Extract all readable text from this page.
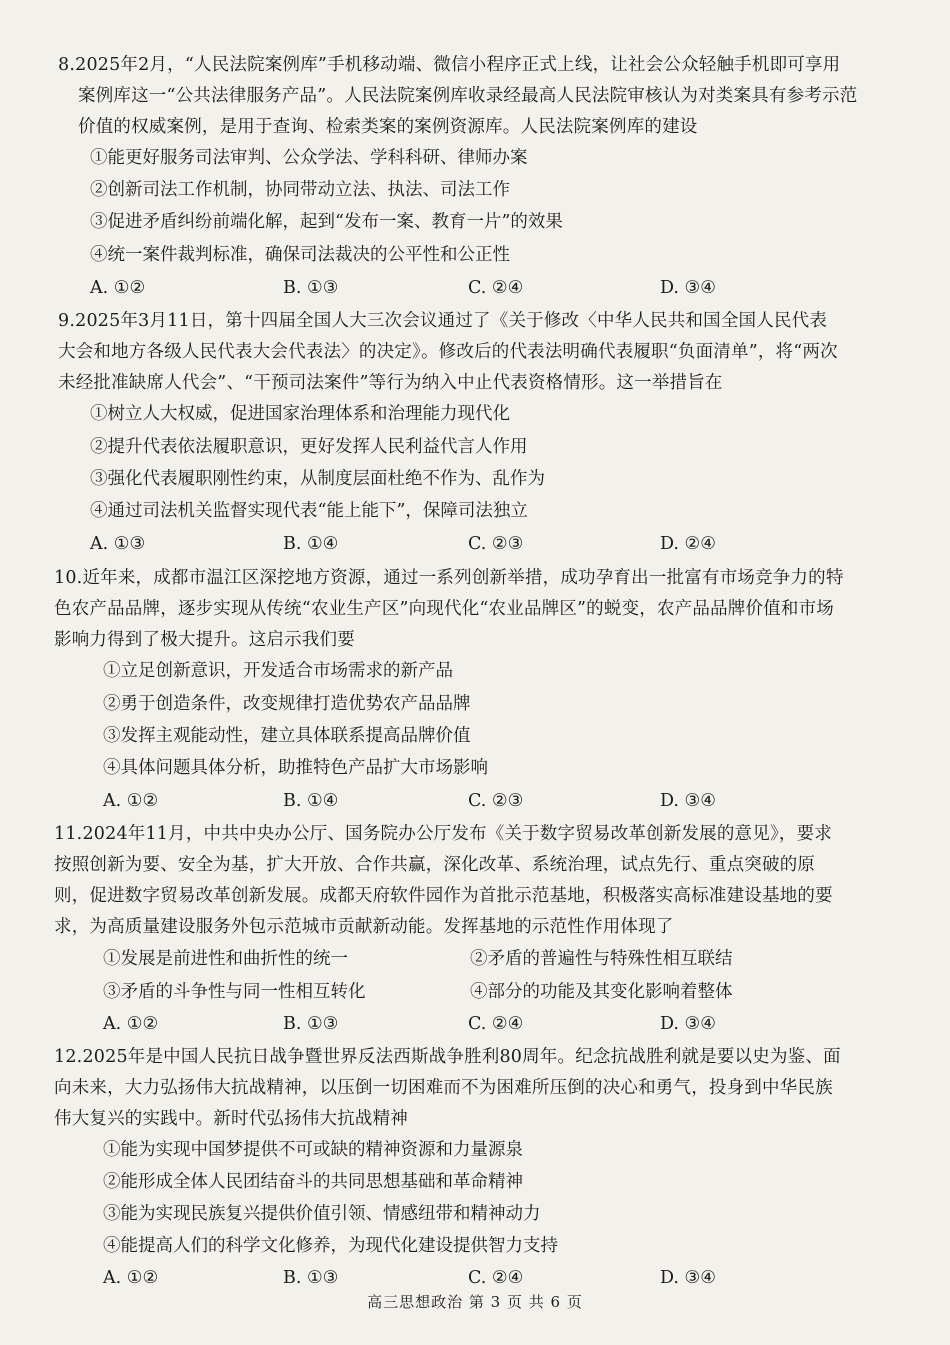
8.2025年2月，“人民法院案例库”手机移动端、微信小程序正式上线，让社会公众轻触手机即可享用案例库这一“公共法律服务产品”。人民法院案例库收录经最高人民法院审核认为对类案具有参考示范价值的权威案例，是用于查询、检索类案的案例资源库。人民法院案例库的建设
①能更好服务司法审判、公众学法、学科科研、律师办案
②创新司法工作机制，协同带动立法、执法、司法工作
③促进矛盾纠纷前端化解，起到“发布一案、教育一片”的效果
④统一案件裁判标准，确保司法裁决的公平性和公正性
A. ①②	B. ①③	C. ②④	D. ③④
9.2025年3月11日，第十四届全国人大三次会议通过了《关于修改〈中华人民共和国全国人民代表大会和地方各级人民代表大会代表法〉的决定》。修改后的代表法明确代表履职“负面清单”，将“两次未经批准缺席人代会”、“干预司法案件”等行为纳入中止代表资格情形。这一举措旨在
①树立人大权威，促进国家治理体系和治理能力现代化
②提升代表依法履职意识，更好发挥人民利益代言人作用
③强化代表履职刚性约束，从制度层面杜绝不作为、乱作为
④通过司法机关监督实现代表“能上能下”，保障司法独立
A. ①③	B. ①④	C. ②③	D. ②④
10.近年来，成都市温江区深挖地方资源，通过一系列创新举措，成功孕育出一批富有市场竞争力的特色农产品品牌，逐步实现从传统“农业生产区”向现代化“农业品牌区”的蜕变，农产品品牌价值和市场影响力得到了极大提升。这启示我们要
①立足创新意识，开发适合市场需求的新产品
②勇于创造条件，改变规律打造优势农产品品牌
③发挥主观能动性，建立具体联系提高品牌价值
④具体问题具体分析，助推特色产品扩大市场影响
A. ①②	B. ①④	C. ②③	D. ③④
11.2024年11月，中共中央办公厅、国务院办公厅发布《关于数字贸易改革创新发展的意见》，要求按照创新为要、安全为基，扩大开放、合作共赢，深化改革、系统治理，试点先行、重点突破的原则，促进数字贸易改革创新发展。成都天府软件园作为首批示范基地，积极落实高标准建设基地的要求，为高质量建设服务外包示范城市贡献新动能。发挥基地的示范性作用体现了
①发展是前进性和曲折性的统一	②矛盾的普遍性与特殊性相互联结
③矛盾的斗争性与同一性相互转化	④部分的功能及其变化影响着整体
A. ①②	B. ①③	C. ②④	D. ③④
12.2025年是中国人民抗日战争暨世界反法西斯战争胜利80周年。纪念抗战胜利就是要以史为鉴、面向未来，大力弘扬伟大抗战精神，以压倒一切困难而不为困难所压倒的决心和勇气，投身到中华民族伟大复兴的实践中。新时代弘扬伟大抗战精神
①能为实现中国梦提供不可或缺的精神资源和力量源泉
②能形成全体人民团结奋斗的共同思想基础和革命精神
③能为实现民族复兴提供价值引领、情感纽带和精神动力
④能提高人们的科学文化修养，为现代化建设提供智力支持
A. ①②	B. ①③	C. ②④	D. ③④
高三思想政治 第 3 页 共 6 页
